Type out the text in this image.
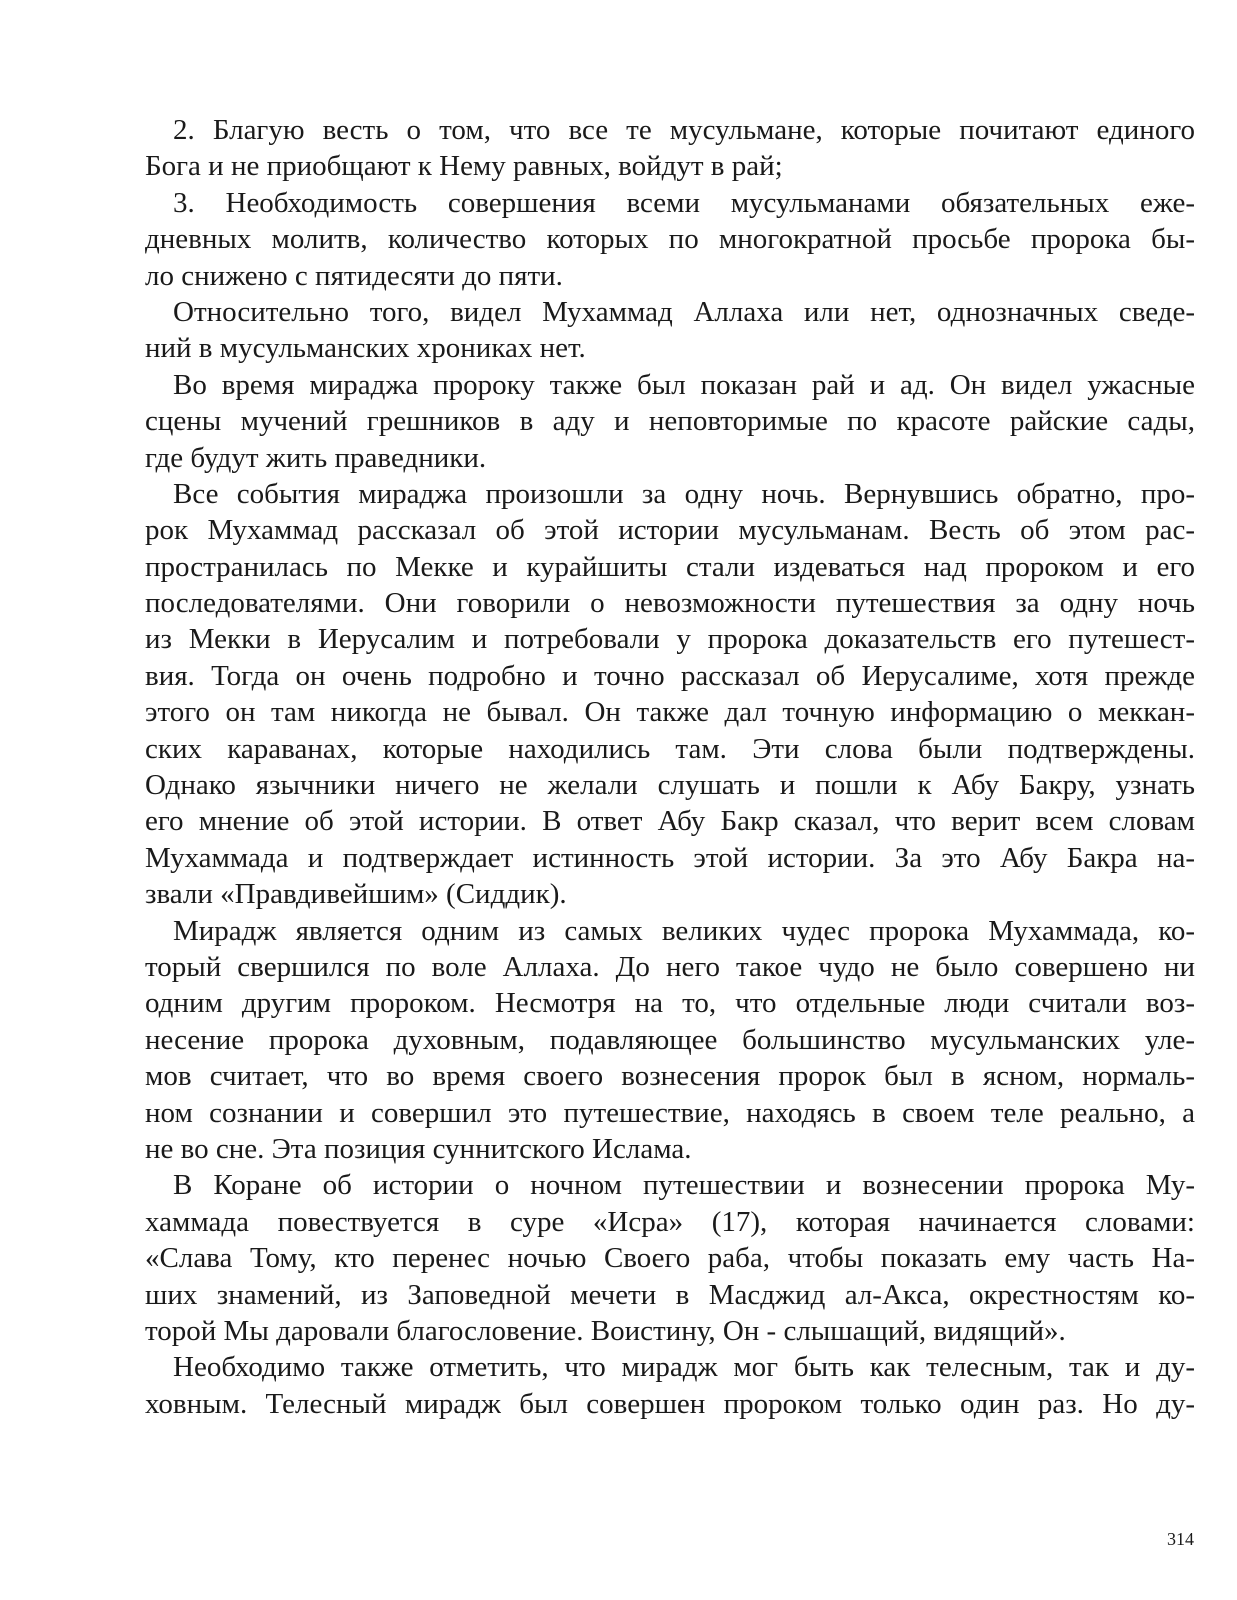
2. Благую весть о том, что все те мусульмане, которые почитают единого
Бога и не приобщают к Нему равных, войдут в рай;
3. Необходимость совершения всеми мусульманами обязательных еже-
дневных молитв, количество которых по многократной просьбе пророка бы-
ло снижено с пятидесяти до пяти.
Относительно того, видел Мухаммад Аллаха или нет, однозначных сведе-
ний в мусульманских хрониках нет.
Во время мираджа пророку также был показан рай и ад. Он видел ужасные
сцены мучений грешников в аду и неповторимые по красоте райские сады,
где будут жить праведники.
Все события мираджа произошли за одну ночь. Вернувшись обратно, про-
рок Мухаммад рассказал об этой истории мусульманам. Весть об этом рас-
пространилась по Мекке и курайшиты стали издеваться над пророком и его
последователями. Они говорили о невозможности путешествия за одну ночь
из Мекки в Иерусалим и потребовали у пророка доказательств его путешест-
вия. Тогда он очень подробно и точно рассказал об Иерусалиме, хотя прежде
этого он там никогда не бывал. Он также дал точную информацию о меккан-
ских караванах, которые находились там. Эти слова были подтверждены.
Однако язычники ничего не желали слушать и пошли к Абу Бакру, узнать
его мнение об этой истории. В ответ Абу Бакр сказал, что верит всем словам
Мухаммада и подтверждает истинность этой истории. За это Абу Бакра на-
звали «Правдивейшим» (Сиддик).
Мирадж является одним из самых великих чудес пророка Мухаммада, ко-
торый свершился по воле Аллаха. До него такое чудо не было совершено ни
одним другим пророком. Несмотря на то, что отдельные люди считали воз-
несение пророка духовным, подавляющее большинство мусульманских уле-
мов считает, что во время своего вознесения пророк был в ясном, нормаль-
ном сознании и совершил это путешествие, находясь в своем теле реально, а
не во сне. Эта позиция суннитского Ислама.
В Коране об истории о ночном путешествии и вознесении пророка Му-
хаммада повествуется в суре «Исра» (17), которая начинается словами:
«Слава Тому, кто перенес ночью Своего раба, чтобы показать ему часть На-
ших знамений, из Заповедной мечети в Масджид ал-Акса, окрестностям ко-
торой Мы даровали благословение. Воистину, Он - слышащий, видящий».
Необходимо также отметить, что мирадж мог быть как телесным, так и ду-
ховным. Телесный мирадж был совершен пророком только один раз. Но ду-
314
